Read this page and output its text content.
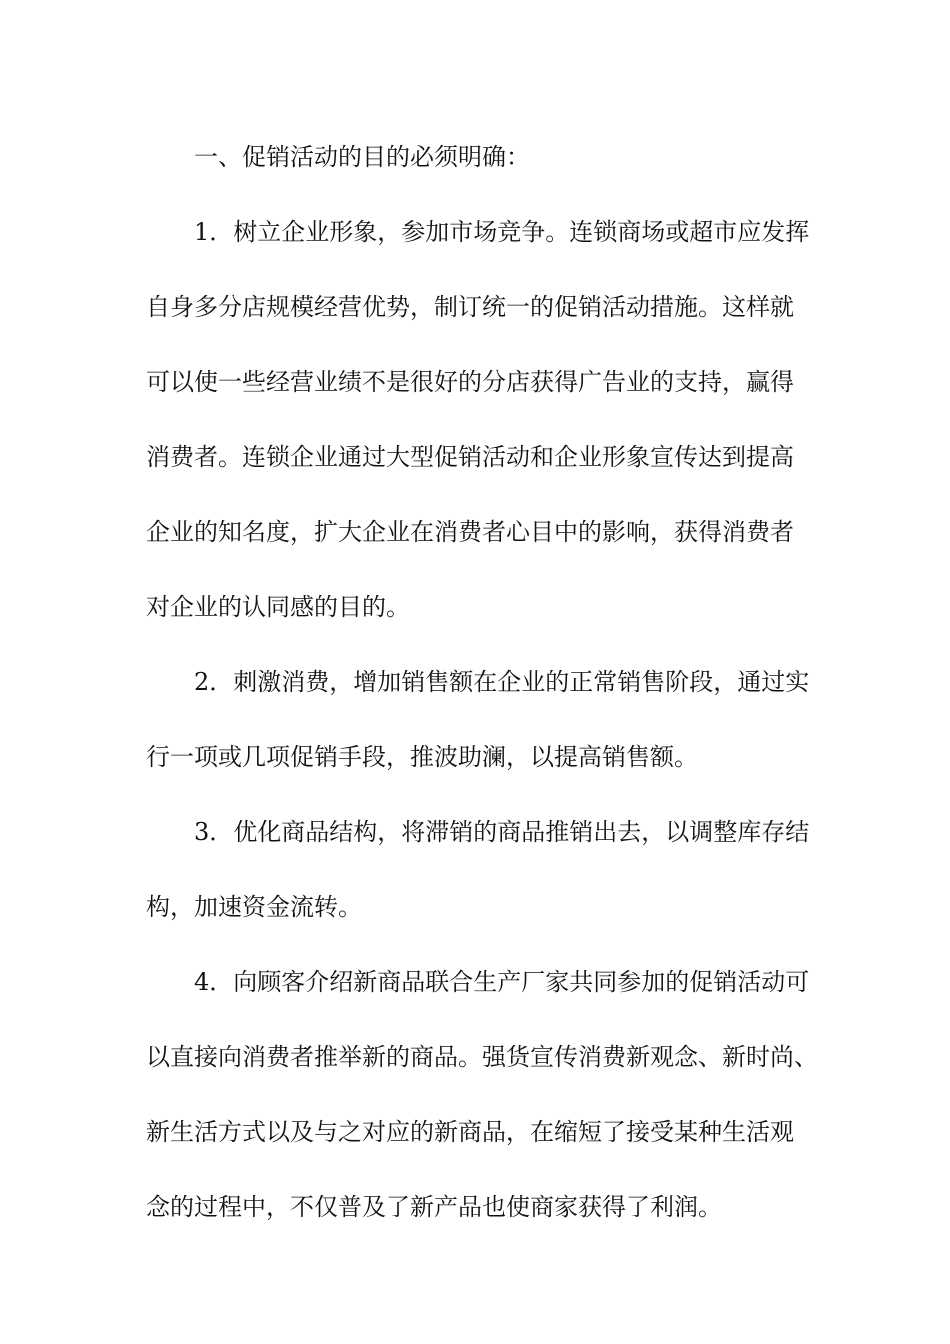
一、促销活动的目的必须明确：
1．树立企业形象，参加市场竞争。连锁商场或超市应发挥
自身多分店规模经营优势，制订统一的促销活动措施。这样就
可以使一些经营业绩不是很好的分店获得广告业的支持，赢得
消费者。连锁企业通过大型促销活动和企业形象宣传达到提高
企业的知名度，扩大企业在消费者心目中的影响，获得消费者
对企业的认同感的目的。
2．刺激消费，增加销售额在企业的正常销售阶段，通过实
行一项或几项促销手段，推波助澜，以提高销售额。
3．优化商品结构，将滞销的商品推销出去，以调整库存结
构，加速资金流转。
4．向顾客介绍新商品联合生产厂家共同参加的促销活动可
以直接向消费者推举新的商品。强货宣传消费新观念、新时尚、
新生活方式以及与之对应的新商品，在缩短了接受某种生活观
念的过程中，不仅普及了新产品也使商家获得了利润。
